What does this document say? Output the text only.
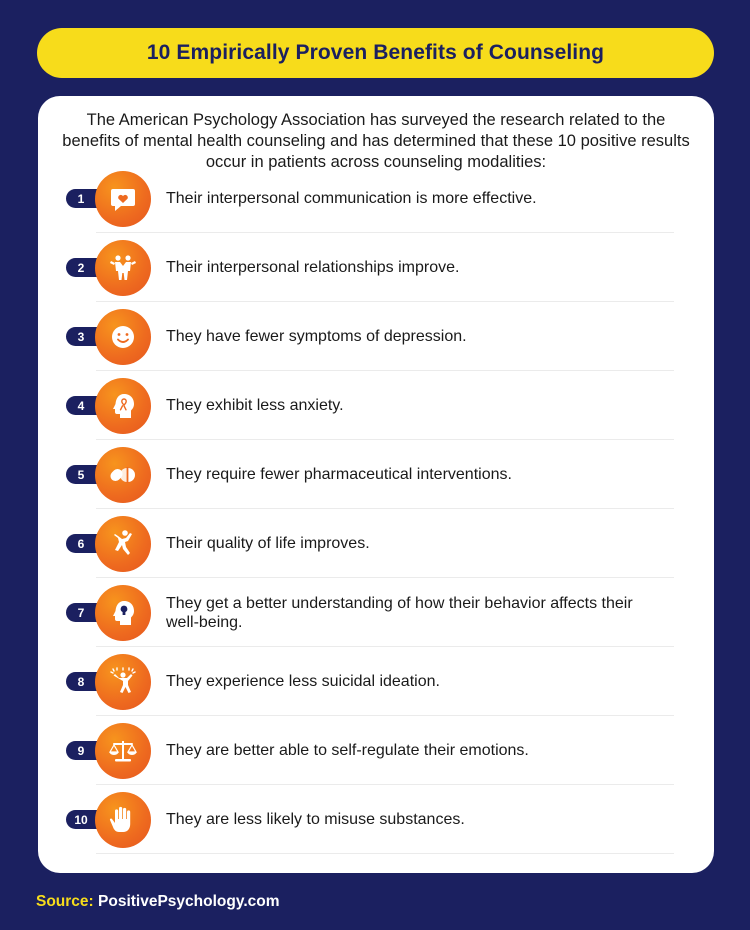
10 Empirically Proven Benefits of Counseling
The American Psychology Association has surveyed the research related to the benefits of mental health counseling and has determined that these 10 positive results occur in patients across counseling modalities:
1	Their interpersonal communication is more effective.
2	Their interpersonal relationships improve.
3	They have fewer symptoms of depression.
4	They exhibit less anxiety.
5	They require fewer pharmaceutical interventions.
6	Their quality of life improves.
7
They get a better understanding of how their behavior affects their well-being.
8	They experience less suicidal ideation.
9	They are better able to self-regulate their emotions.
10	They are less likely to misuse substances.
Source: PositivePsychology.com
